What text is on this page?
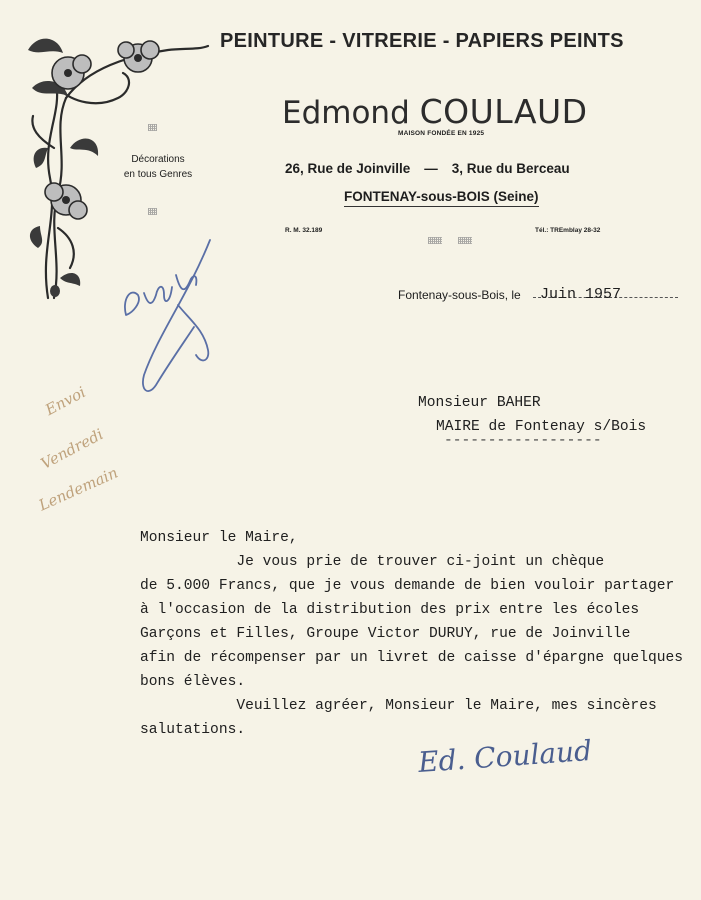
PEINTURE - VITRERIE - PAPIERS PEINTS
Edmond COULAUD
MAISON FONDÉE EN 1925
26, Rue de Joinville — 3, Rue du Berceau
FONTENAY-sous-BOIS (Seine)
R. M. 32.189	Tél.: TREmblay 28-32
Décorations
en tous Genres
Envoi
Vendredi
Lendemain
Fontenay-sous-Bois, le Juin 1957
Monsieur BAHER
MAIRE de Fontenay s/Bois
------------------
Monsieur le Maire,
Je vous prie de trouver ci-joint un chèque
de 5.000 Francs, que je vous demande de bien vouloir partager
à l'occasion de la distribution des prix entre les écoles
Garçons et Filles, Groupe Victor DURUY, rue de Joinville
afin de récompenser par un livret de caisse d'épargne quelques
bons élèves.
Veuillez agréer, Monsieur le Maire, mes sincères
salutations.
Ed. Coulaud
